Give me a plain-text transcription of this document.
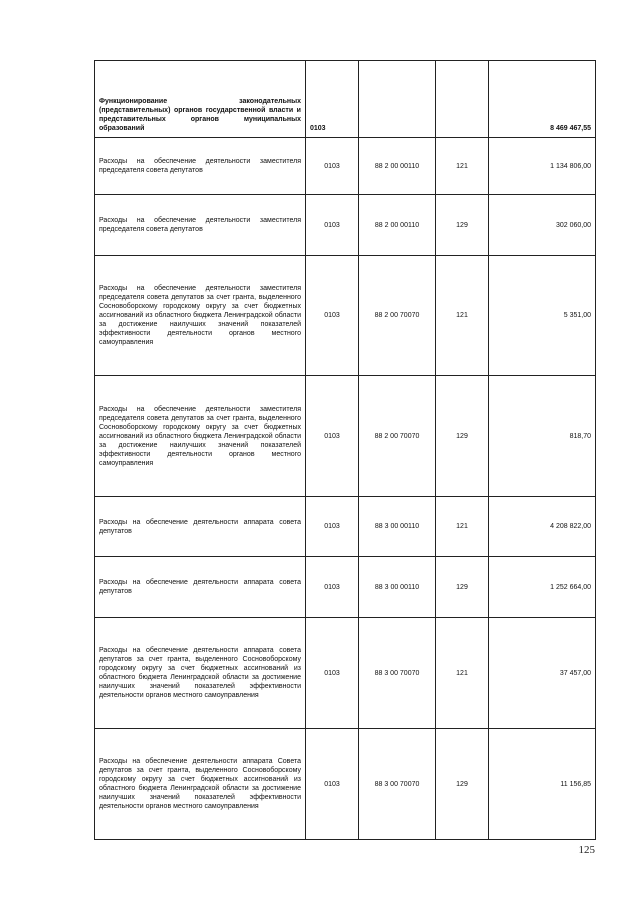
Функционирование законодательных (представительных) органов государственной власти и представительных органов муниципальных образований	0103			8 469 467,55
Расходы на обеспечение деятельности заместителя председателя совета депутатов	0103	88 2 00 00110	121	1 134 806,00
Расходы на обеспечение деятельности заместителя председателя совета депутатов	0103	88 2 00 00110	129	302 060,00
Расходы на обеспечение деятельности заместителя председателя совета депутатов за счет гранта, выделенного Сосновоборскому городскому округу за счет бюджетных ассигнований из областного бюджета Ленинградской области за достижение наилучших значений показателей эффективности деятельности органов местного самоуправления	0103	88 2 00 70070	121	5 351,00
Расходы на обеспечение деятельности заместителя председателя совета депутатов за счет гранта, выделенного Сосновоборскому городскому округу за счет бюджетных ассигнований из областного бюджета Ленинградской области за достижение наилучших значений показателей эффективности деятельности органов местного самоуправления	0103	88 2 00 70070	129	818,70
Расходы на обеспечение деятельности аппарата совета депутатов	0103	88 3 00 00110	121	4 208 822,00
Расходы на обеспечение деятельности аппарата совета депутатов	0103	88 3 00 00110	129	1 252 664,00
Расходы на обеспечение деятельности аппарата совета депутатов за счет гранта, выделенного Сосновоборскому городскому округу за счет бюджетных ассигнований из областного бюджета Ленинградской области за достижение наилучших значений показателей эффективности деятельности органов местного самоуправления	0103	88 3 00 70070	121	37 457,00
Расходы на обеспечение деятельности аппарата Совета депутатов за счет гранта, выделенного Сосновоборскому городскому округу за счет бюджетных ассигнований из областного бюджета Ленинградской области за достижение наилучших значений показателей эффективности деятельности органов местного самоуправления	0103	88 3 00 70070	129	11 156,85
125
